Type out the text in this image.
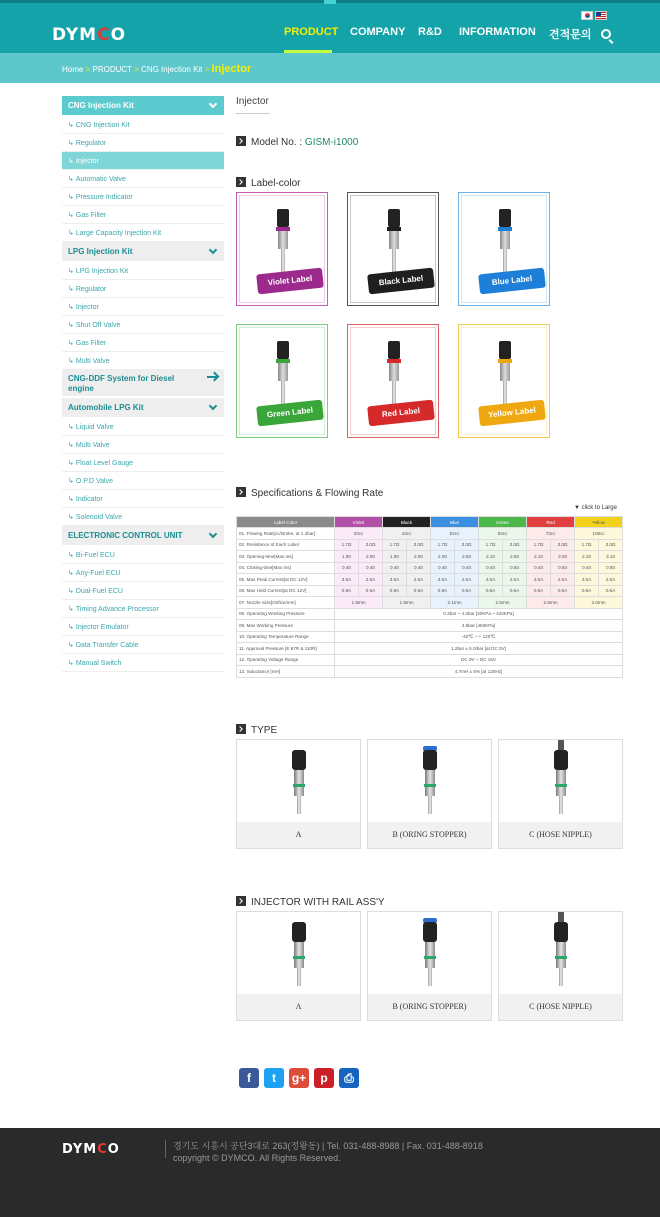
DYMCO	PRODUCT COMPANY R&D INFORMATION 견적문의
Home > PRODUCT > CNG Injection Kit > Injector
CNG Injection Kit
↳ CNG Injection Kit
↳ Regulator
↳ Injector
↳ Automatic Valve
↳ Pressure Indicator
↳ Gas Filter
↳ Large Capacity Injection Kit
LPG Injection Kit
↳ LPG Injection Kit
↳ Regulator
↳ Injector
↳ Shut Off Valve
↳ Gas Filter
↳ Multi Valve
CNG-DDF System for Diesel engine
Automobile LPG Kit
↳ Liquid Valve
↳ Multi Valve
↳ Float Level Gauge
↳ O.P.D Valve
↳ Indicator
↳ Solenoid Valve
ELECTRONIC CONTROL UNIT
↳ Bi-Fuel ECU
↳ Any-Fuel ECU
↳ Dual-Fuel ECU
↳ Timing Advance Processor
↳ Injector Emulator
↳ Data Transfer Cable
↳ Manual Switch
Injector
Model No. : GISM-i1000
Label-color
Violet Label	Black Label	Blue Label
Green Label	Red Label	Yellow Label
Specifications & Flowing Rate
▼ click to Large
Label Color	Violet		Black		Blue		Green		Red		Yellow	
01. Flowing Rate[cc/stroke, at 1.2bar]	33cc		43cc		52cc		63cc		73cc		106cc	
02. Resistance of Each Label	1.7Ω	3.0Ω	1.7Ω	3.0Ω	1.7Ω	3.0Ω	1.7Ω	3.0Ω	1.7Ω	3.0Ω	1.7Ω	3.0Ω
03. Opening-time[Max ms]	1.90	2.50	1.90	2.50	2.00	2.60	2.10	2.60	2.10	3.00	2.20	3.10
04. Closing-time[Max ms]	0.40	0.40	0.40	0.40	0.40	0.40	0.40	0.50	0.40	0.50	0.40	0.50
05. Max Peak Current[at DC 12V]	3.0A	2.0A	3.0A	2.0A	3.0A	2.0A	3.0A	2.0A	3.0A	2.0A	3.0A	2.0A
06. Max Hold Current[at DC 12V]	0.8A	0.6A	0.8A	0.6A	0.8A	0.6A	0.8A	0.6A	0.8A	0.6A	0.8A	0.6A
07. Nozzle Size[Orifice/mm]	1.8mm		1.9mm		2.1mm		2.5mm		2.8mm		3.0mm	
08. Operating Working Pressure	0.2bar ~ 4.2bar [20KPa ~ 420KPa]											
09. Max Working Pressure	4.5bar [450KPa]											
10. Operating Temperature Range	-40℃ ~ + 120℃											
11. Approval Pressure [E 67R & 110R]	1.2bar ± 5.0/bar [at DC 0V]											
12. Operating Voltage Range	DC 9V ~ DC 16V											
13. Inductance [mH]	4.7mH ± 5% [at 120Hz]											
TYPE
A	B (ORING STOPPER)	C (HOSE NIPPLE)
INJECTOR WITH RAIL ASS'Y
A	B (ORING STOPPER)	C (HOSE NIPPLE)
f	t	g+	p	⎙
DYMCO	경기도 시흥시 공단3대로 263(정왕동) | Tel. 031-488-8988 | Fax. 031-488-8918
copyright © DYMCO. All Rights Reserved.
